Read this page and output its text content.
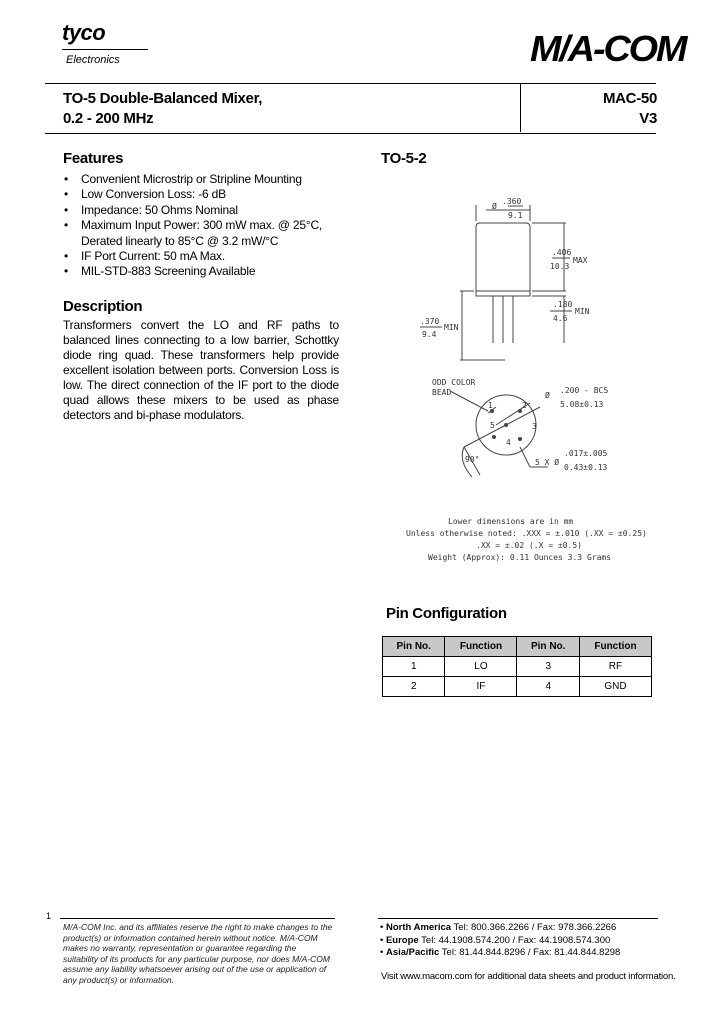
tyco
Electronics	M/A-COM
TO-5 Double-Balanced Mixer,
0.2 - 200 MHz
MAC-50
V3
Features
• Convenient Microstrip or Stripline Mounting
• Low Conversion Loss: -6 dB
• Impedance: 50 Ohms Nominal
• Maximum Input Power: 300 mW max. @ 25°C,
Derated linearly to 85°C @ 3.2 mW/°C
• IF Port Current: 50 mA Max.
• MIL-STD-883 Screening Available
Description
Transformers convert the LO and RF paths to balanced lines connecting to a low barrier, Schottky diode ring quad. These transformers help provide excellent isolation between ports. Conversion Loss is low. The direct connection of the IF port to the diode quad allows these mixers to be used as phase detectors and bi-phase modulators.
TO-5-2
.360
Ø
9.1
.406
10.3
MAX
.180
4.6
MIN
.370
9.4
MIN
ODD COLOR
BEAD	Ø
.200 - BCS
5.08±0.13
90°	5 X Ø
.017±.005
0.43±0.13
1	2
3
4
5
Lower dimensions are in mm
Unless otherwise noted: .XXX = ±.010 (.XX = ±0.25)
.XX = ±.02 (.X = ±0.5)
Weight (Approx): 0.11 Ounces 3.3 Grams
Pin Configuration
Pin No.	Function	Pin No.	Function
1	LO	3	RF
2	IF	4	GND
1
M/A-COM Inc. and its affiliates reserve the right to make changes to the product(s) or information contained herein without notice. M/A-COM makes no warranty, representation or guarantee regarding the suitability of its products for any particular purpose, nor does M/A-COM assume any liability whatsoever arising out of the use or application of any product(s) or information.
• North America Tel: 800.366.2266 / Fax: 978.366.2266
• Europe Tel: 44.1908.574.200 / Fax: 44.1908.574.300
• Asia/Pacific Tel: 81.44.844.8296 / Fax: 81.44.844.8298
Visit www.macom.com for additional data sheets and product information.
